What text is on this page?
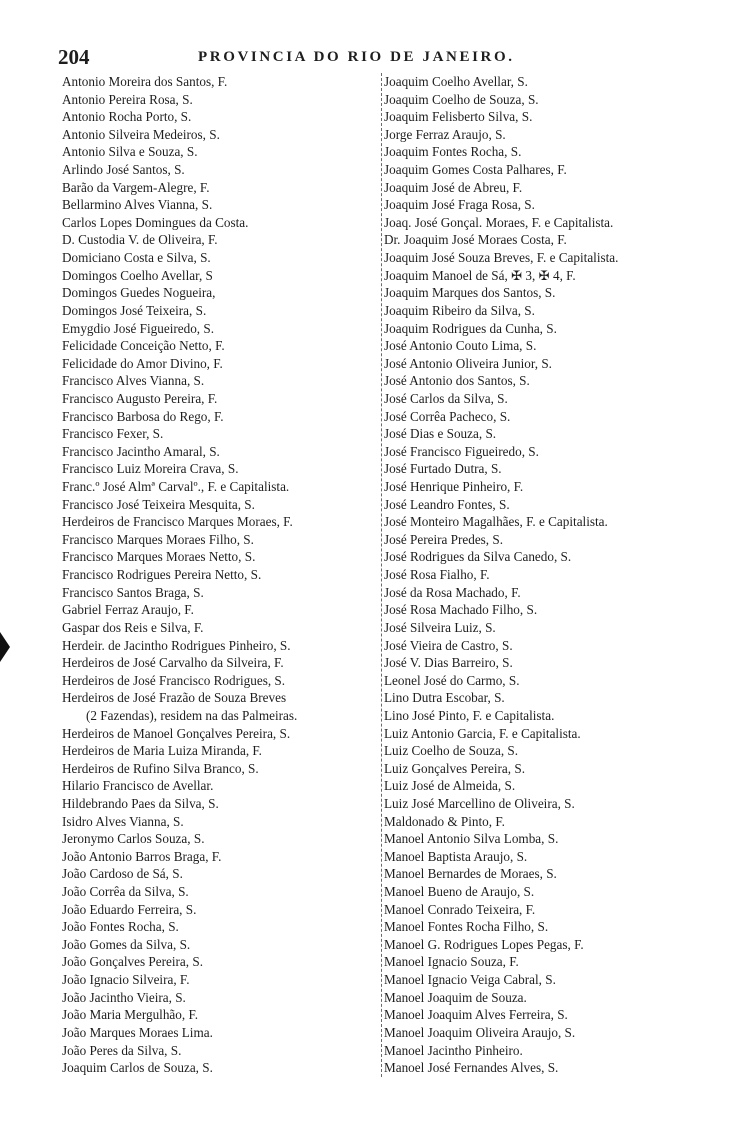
204	PROVINCIA DO RIO DE JANEIRO.
Antonio Moreira dos Santos, F.
Antonio Pereira Rosa, S.
Antonio Rocha Porto, S.
Antonio Silveira Medeiros, S.
Antonio Silva e Souza, S.
Arlindo José Santos, S.
Barão da Vargem-Alegre, F.
Bellarmino Alves Vianna, S.
Carlos Lopes Domingues da Costa.
D. Custodia V. de Oliveira, F.
Domiciano Costa e Silva, S.
Domingos Coelho Avellar, S
Domingos Guedes Nogueira,
Domingos José Teixeira, S.
Emygdio José Figueiredo, S.
Felicidade Conceição Netto, F.
Felicidade do Amor Divino, F.
Francisco Alves Vianna, S.
Francisco Augusto Pereira, F.
Francisco Barbosa do Rego, F.
Francisco Fexer, S.
Francisco Jacintho Amaral, S.
Francisco Luiz Moreira Crava, S.
Franc.º José Almª Carvalº., F. e Capitalista.
Francisco José Teixeira Mesquita, S.
Herdeiros de Francisco Marques Moraes, F.
Francisco Marques Moraes Filho, S.
Francisco Marques Moraes Netto, S.
Francisco Rodrigues Pereira Netto, S.
Francisco Santos Braga, S.
Gabriel Ferraz Araujo, F.
Gaspar dos Reis e Silva, F.
Herdeir. de Jacintho Rodrigues Pinheiro, S.
Herdeiros de José Carvalho da Silveira, F.
Herdeiros de José Francisco Rodrigues, S.
Herdeiros de José Frazão de Souza Breves
(2 Fazendas), residem na das Palmeiras.
Herdeiros de Manoel Gonçalves Pereira, S.
Herdeiros de Maria Luiza Miranda, F.
Herdeiros de Rufino Silva Branco, S.
Hilario Francisco de Avellar.
Hildebrando Paes da Silva, S.
Isidro Alves Vianna, S.
Jeronymo Carlos Souza, S.
João Antonio Barros Braga, F.
João Cardoso de Sá, S.
João Corrêa da Silva, S.
João Eduardo Ferreira, S.
João Fontes Rocha, S.
João Gomes da Silva, S.
João Gonçalves Pereira, S.
João Ignacio Silveira, F.
João Jacintho Vieira, S.
João Maria Mergulhão, F.
João Marques Moraes Lima.
João Peres da Silva, S.
Joaquim Carlos de Souza, S.
Joaquim Coelho Avellar, S.
Joaquim Coelho de Souza, S.
Joaquim Felisberto Silva, S.
Jorge Ferraz Araujo, S.
Joaquim Fontes Rocha, S.
Joaquim Gomes Costa Palhares, F.
Joaquim José de Abreu, F.
Joaquim José Fraga Rosa, S.
Joaq. José Gonçal. Moraes, F. e Capitalista.
Dr. Joaquim José Moraes Costa, F.
Joaquim José Souza Breves, F. e Capitalista.
Joaquim Manoel de Sá, ✠ 3, ✠ 4, F.
Joaquim Marques dos Santos, S.
Joaquim Ribeiro da Silva, S.
Joaquim Rodrigues da Cunha, S.
José Antonio Couto Lima, S.
José Antonio Oliveira Junior, S.
José Antonio dos Santos, S.
José Carlos da Silva, S.
José Corrêa Pacheco, S.
José Dias e Souza, S.
José Francisco Figueiredo, S.
José Furtado Dutra, S.
José Henrique Pinheiro, F.
José Leandro Fontes, S.
José Monteiro Magalhães, F. e Capitalista.
José Pereira Predes, S.
José Rodrigues da Silva Canedo, S.
José Rosa Fialho, F.
José da Rosa Machado, F.
José Rosa Machado Filho, S.
José Silveira Luiz, S.
José Vieira de Castro, S.
José V. Dias Barreiro, S.
Leonel José do Carmo, S.
Lino Dutra Escobar, S.
Lino José Pinto, F. e Capitalista.
Luiz Antonio Garcia, F. e Capitalista.
Luiz Coelho de Souza, S.
Luiz Gonçalves Pereira, S.
Luiz José de Almeida, S.
Luiz José Marcellino de Oliveira, S.
Maldonado & Pinto, F.
Manoel Antonio Silva Lomba, S.
Manoel Baptista Araujo, S.
Manoel Bernardes de Moraes, S.
Manoel Bueno de Araujo, S.
Manoel Conrado Teixeira, F.
Manoel Fontes Rocha Filho, S.
Manoel G. Rodrigues Lopes Pegas, F.
Manoel Ignacio Souza, F.
Manoel Ignacio Veiga Cabral, S.
Manoel Joaquim de Souza.
Manoel Joaquim Alves Ferreira, S.
Manoel Joaquim Oliveira Araujo, S.
Manoel Jacintho Pinheiro.
Manoel José Fernandes Alves, S.
